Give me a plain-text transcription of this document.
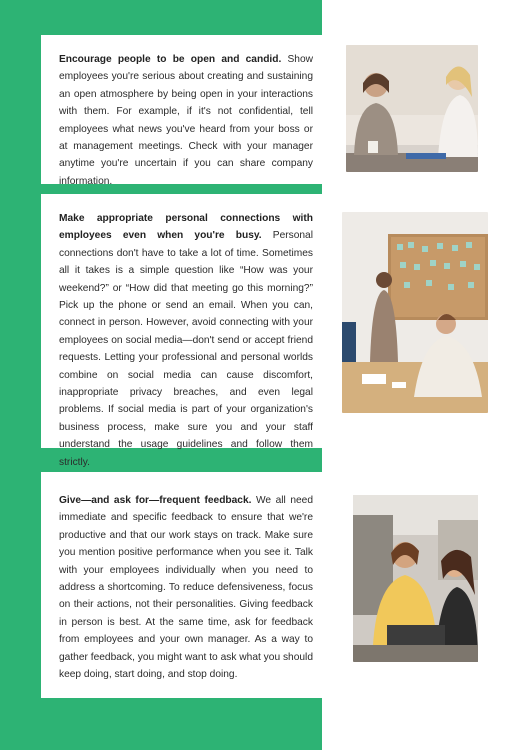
Encourage people to be open and candid. Show employees you're serious about creating and sustaining an open atmosphere by being open in your interactions with them. For example, if it's not confidential, tell employees what news you've heard from your boss or at management meetings. Check with your manager anytime you're uncertain if you can share company information.

Make appropriate personal connections with employees even when you're busy. Personal connections don't have to take a lot of time. Sometimes all it takes is a simple question like “How was your weekend?” or “How did that meeting go this morning?” Pick up the phone or send an email. When you can, connect in person. However, avoid connecting with your employees on social media—don't send or accept friend requests. Letting your professional and personal worlds combine on social media can cause discomfort, inappropriate privacy breaches, and even legal problems. If social media is part of your organization's business process, make sure you and your staff understand the usage guidelines and follow them strictly.

Give—and ask for—frequent feedback. We all need immediate and specific feedback to ensure that we're productive and that our work stays on track. Make sure you mention positive performance when you see it. Talk with your employees individually when you need to address a shortcoming. To reduce defensiveness, focus on their actions, not their personalities. Giving feedback in person is best. At the same time, ask for feedback from employees and your own manager. As a way to gather feedback, you might want to ask what you should keep doing, start doing, and stop doing.
